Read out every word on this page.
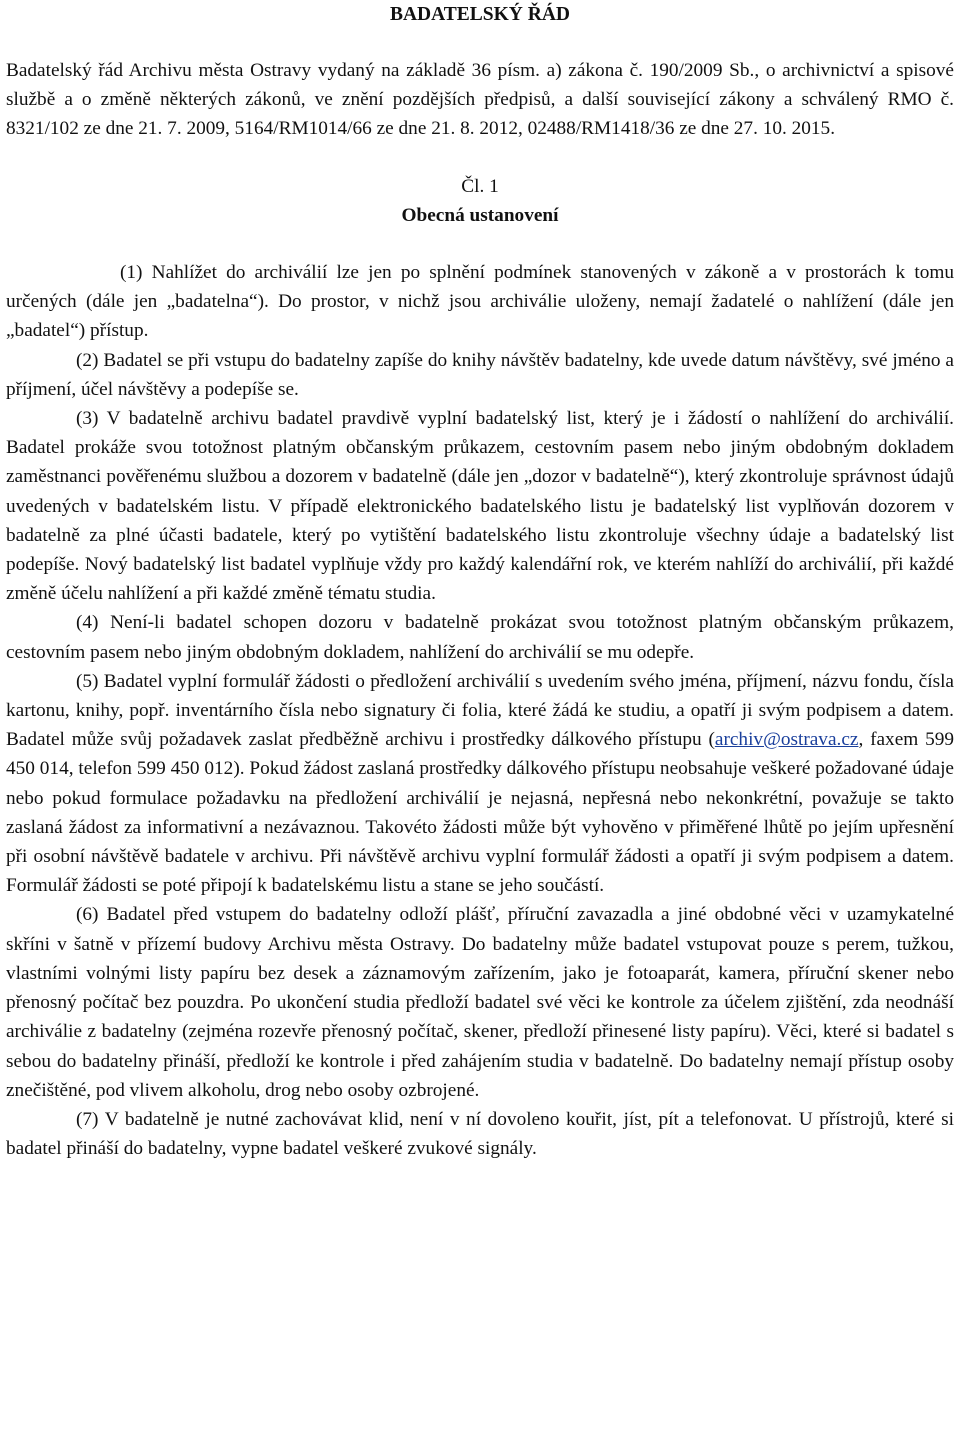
BADATELSKÝ ŘÁD

Badatelský řád Archivu města Ostravy vydaný na základě 36 písm. a) zákona č. 190/2009 Sb., o archivnictví a spisové službě a o změně některých zákonů, ve znění pozdějších předpisů, a další související zákony a schválený RMO č. 8321/102 ze dne 21. 7. 2009, 5164/RM1014/66 ze dne 21. 8. 2012, 02488/RM1418/36 ze dne 27. 10. 2015.

Čl. 1

Obecná ustanovení

(1) Nahlížet do archiválií lze jen po splnění podmínek stanovených v zákoně a v prostorách k tomu určených (dále jen „badatelna“). Do prostor, v nichž jsou archiválie uloženy, nemají žadatelé o nahlížení (dále jen „badatel“) přístup.

(2) Badatel se při vstupu do badatelny zapíše do knihy návštěv badatelny, kde uvede datum návštěvy, své jméno a příjmení, účel návštěvy a podepíše se.

(3) V badatelně archivu badatel pravdivě vyplní badatelský list, který je i žádostí o nahlížení do archiválií. Badatel prokáže svou totožnost platným občanským průkazem, cestovním pasem nebo jiným obdobným dokladem zaměstnanci pověřenému službou a dozorem v badatelně (dále jen „dozor v badatelně“), který zkontroluje správnost údajů uvedených v badatelském listu. V případě elektronického badatelského listu je badatelský list vyplňován dozorem v badatelně za plné účasti badatele, který po vytištění badatelského listu zkontroluje všechny údaje a badatelský list podepíše. Nový badatelský list badatel vyplňuje vždy pro každý kalendářní rok, ve kterém nahlíží do archiválií, při každé změně účelu nahlížení a při každé změně tématu studia.

(4) Není-li badatel schopen dozoru v badatelně prokázat svou totožnost platným občanským průkazem, cestovním pasem nebo jiným obdobným dokladem, nahlížení do archiválií se mu odepře.

(5) Badatel vyplní formulář žádosti o předložení archiválií s uvedením svého jména, příjmení, názvu fondu, čísla kartonu, knihy, popř. inventárního čísla nebo signatury či folia, které žádá ke studiu, a opatří ji svým podpisem a datem. Badatel může svůj požadavek zaslat předběžně archivu i prostředky dálkového přístupu (archiv@ostrava.cz, faxem 599 450 014, telefon 599 450 012). Pokud žádost zaslaná prostředky dálkového přístupu neobsahuje veškeré požadované údaje nebo pokud formulace požadavku na předložení archiválií je nejasná, nepřesná nebo nekonkrétní, považuje se takto zaslaná žádost za informativní a nezávaznou. Takovéto žádosti může být vyhověno v přiměřené lhůtě po jejím upřesnění při osobní návštěvě badatele v archivu. Při návštěvě archivu vyplní formulář žádosti a opatří ji svým podpisem a datem. Formulář žádosti se poté připojí k badatelskému listu a stane se jeho součástí.

(6) Badatel před vstupem do badatelny odloží plášť, příruční zavazadla a jiné obdobné věci v uzamykatelné skříni v šatně v přízemí budovy Archivu města Ostravy. Do badatelny může badatel vstupovat pouze s perem, tužkou, vlastními volnými listy papíru bez desek a záznamovým zařízením, jako je fotoaparát, kamera, příruční skener nebo přenosný počítač bez pouzdra. Po ukončení studia předloží badatel své věci ke kontrole za účelem zjištění, zda neodnáší archiválie z badatelny (zejména rozevře přenosný počítač, skener, předloží přinesené listy papíru). Věci, které si badatel s sebou do badatelny přináší, předloží ke kontrole i před zahájením studia v badatelně. Do badatelny nemají přístup osoby znečištěné, pod vlivem alkoholu, drog nebo osoby ozbrojené.

(7) V badatelně je nutné zachovávat klid, není v ní dovoleno kouřit, jíst, pít a telefonovat. U přístrojů, které si badatel přináší do badatelny, vypne badatel veškeré zvukové signály.
